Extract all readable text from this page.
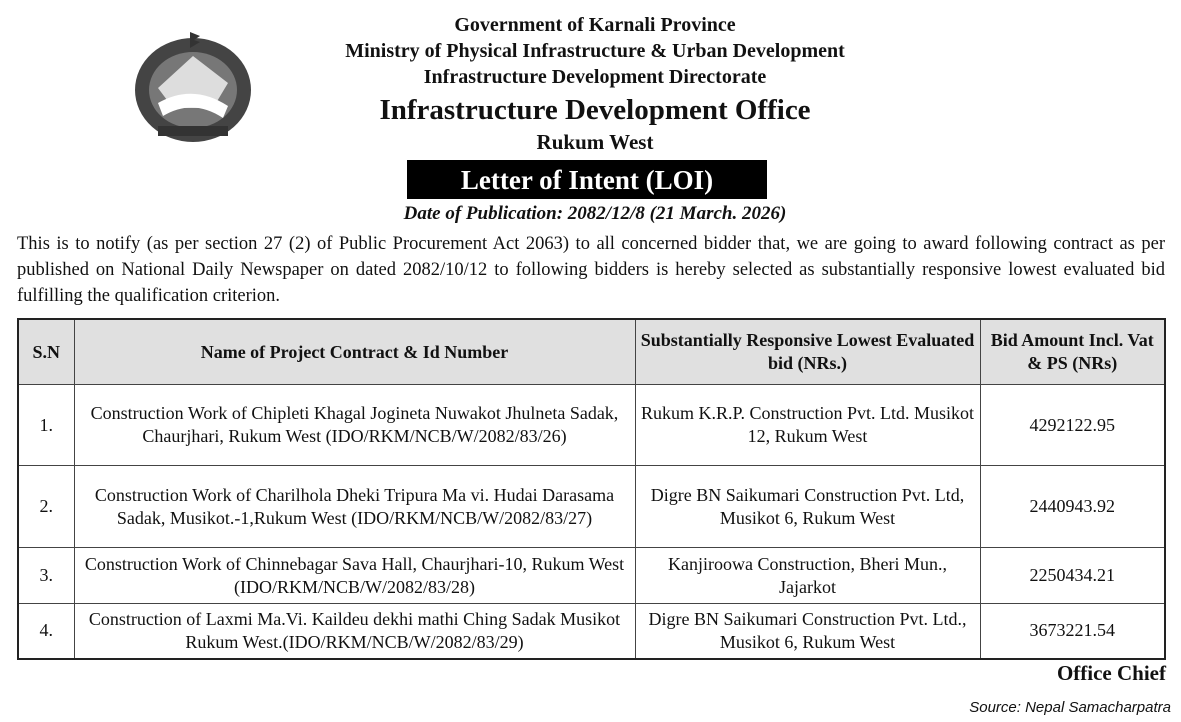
Government of Karnali Province
Ministry of Physical Infrastructure & Urban Development
Infrastructure Development Directorate
Infrastructure Development Office
Rukum West
Letter of Intent (LOI)
Date of Publication: 2082/12/8 (21 March. 2026)
This is to notify (as per section 27 (2) of Public Procurement Act 2063) to all concerned bidder that, we are going to award following contract as per published on National Daily Newspaper on dated 2082/10/12 to following bidders is hereby selected as substantially responsive lowest evaluated bid fulfilling the qualification criterion.
S.N	Name of Project Contract & Id Number	Substantially Responsive Lowest Evaluated bid (NRs.)	Bid Amount Incl. Vat & PS (NRs)
1.	Construction Work of Chipleti Khagal Jogineta Nuwakot Jhulneta Sadak, Chaurjhari, Rukum West (IDO/RKM/NCB/W/2082/83/26)	Rukum K.R.P. Construction Pvt. Ltd. Musikot 12, Rukum West	4292122.95
2.	Construction Work of Charilhola Dheki Tripura Ma vi. Hudai Darasama Sadak, Musikot.-1,Rukum West (IDO/RKM/NCB/W/2082/83/27)	Digre BN Saikumari Construction Pvt. Ltd, Musikot 6, Rukum West	2440943.92
3.	Construction Work of Chinnebagar Sava Hall, Chaurjhari-10, Rukum West (IDO/RKM/NCB/W/2082/83/28)	Kanjiroowa Construction, Bheri Mun., Jajarkot	2250434.21
4.	Construction of Laxmi Ma.Vi. Kaildeu dekhi mathi Ching Sadak Musikot Rukum West.(IDO/RKM/NCB/W/2082/83/29)	Digre BN Saikumari Construction Pvt. Ltd., Musikot 6, Rukum West	3673221.54
Office Chief
Source: Nepal Samacharpatra
